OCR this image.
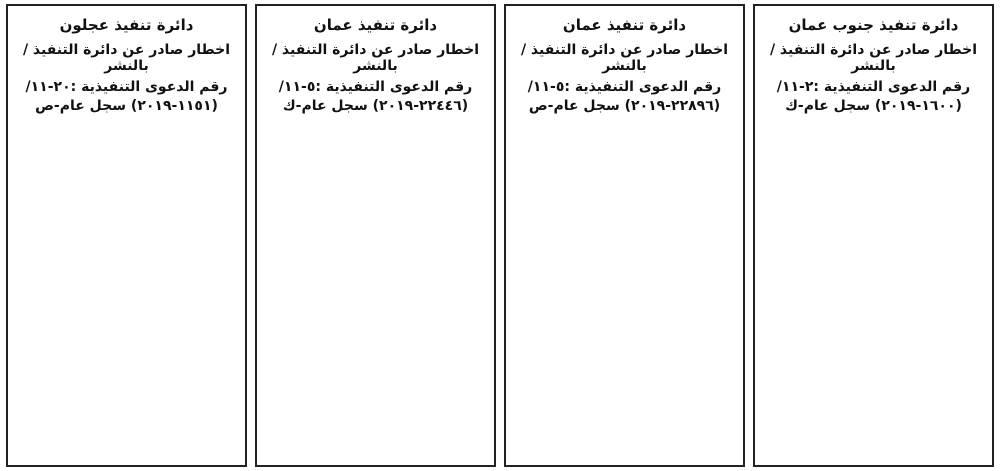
دائرة تنفيذ جنوب عمان
اخطار صادر عن دائرة التنفيذ / بالنشر
رقم الدعوى التنفيذية :٢-١١/
(١٦٠٠-٢٠١٩) سجل عام-ك
دائرة تنفيذ عمان
اخطار صادر عن دائرة التنفيذ / بالنشر
رقم الدعوى التنفيذية :٥-١١/
(٢٢٨٩٦-٢٠١٩) سجل عام-ص
دائرة تنفيذ عمان
اخطار صادر عن دائرة التنفيذ / بالنشر
رقم الدعوى التنفيذية :٥-١١/
(٢٢٤٤٦-٢٠١٩) سجل عام-ك
دائرة تنفيذ عجلون
اخطار صادر عن دائرة التنفيذ / بالنشر
رقم الدعوى التنفيذية :٢٠-١١/
(١١٥١-٢٠١٩) سجل عام-ص
